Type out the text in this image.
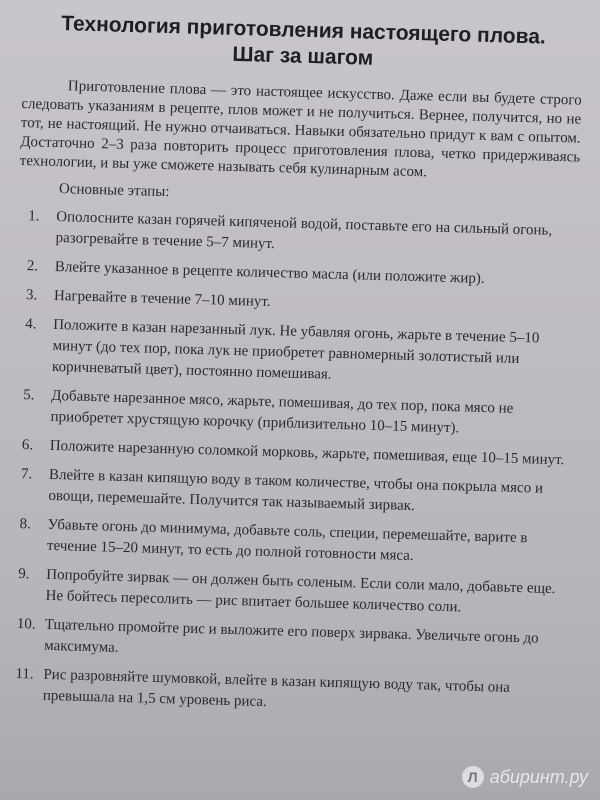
Технология приготовления настоящего плова.
Шаг за шагом

Приготовление плова — это настоящее искусство. Даже если вы будете строго следовать указаниям в рецепте, плов может и не получиться. Вернее, получится, но не тот, не настоящий. Не нужно отчаиваться. Навыки обязательно придут к вам с опытом. Достаточно 2–3 раза повторить процесс приготовления плова, четко придерживаясь технологии, и вы уже сможете называть себя кулинарным асом.

Основные этапы:

1. Ополосните казан горячей кипяченой водой, поставьте его на сильный огонь, разогревайте в течение 5–7 минут.
2. Влейте указанное в рецепте количество масла (или положите жир).
3. Нагревайте в течение 7–10 минут.
4. Положите в казан нарезанный лук. Не убавляя огонь, жарьте в течение 5–10 минут (до тех пор, пока лук не приобретет равномерный золотистый или коричневатый цвет), постоянно помешивая.
5. Добавьте нарезанное мясо, жарьте, помешивая, до тех пор, пока мясо не приобретет хрустящую корочку (приблизительно 10–15 минут).
6. Положите нарезанную соломкой морковь, жарьте, помешивая, еще 10–15 минут.
7. Влейте в казан кипящую воду в таком количестве, чтобы она покрыла мясо и овощи, перемешайте. Получится так называемый зирвак.
8. Убавьте огонь до минимума, добавьте соль, специи, перемешайте, варите в течение 15–20 минут, то есть до полной готовности мяса.
9. Попробуйте зирвак — он должен быть соленым. Если соли мало, добавьте еще. Не бойтесь пересолить — рис впитает большее количество соли.
10. Тщательно промойте рис и выложите его поверх зирвака. Увеличьте огонь до максимума.
11. Рис разровняйте шумовкой, влейте в казан кипящую воду так, чтобы она превышала на 1,5 см уровень риса.
Л абиринт.ру
